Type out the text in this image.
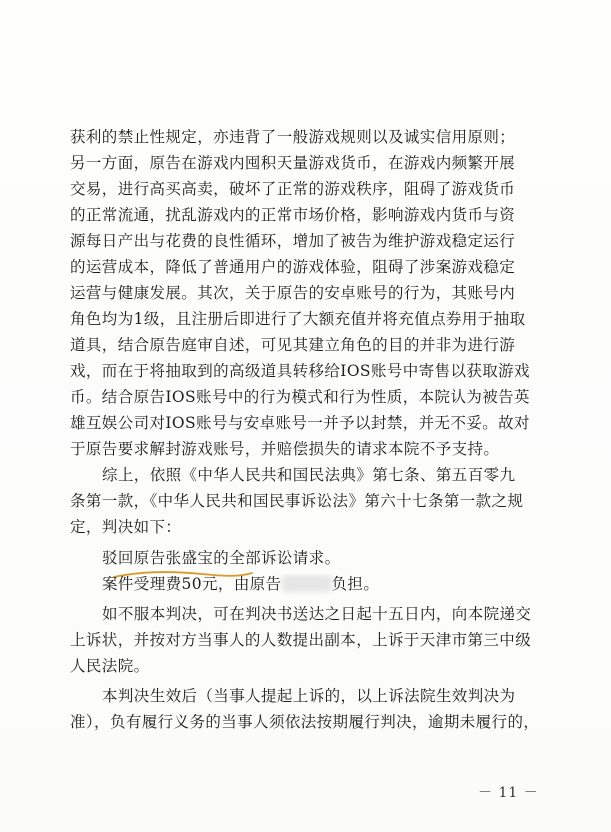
获利的禁止性规定，亦违背了一般游戏规则以及诚实信用原则；
另一方面，原告在游戏内囤积天量游戏货币，在游戏内频繁开展
交易，进行高买高卖，破坏了正常的游戏秩序，阻碍了游戏货币
的正常流通，扰乱游戏内的正常市场价格，影响游戏内货币与资
源每日产出与花费的良性循环，增加了被告为维护游戏稳定运行
的运营成本，降低了普通用户的游戏体验，阻碍了涉案游戏稳定
运营与健康发展。其次，关于原告的安卓账号的行为，其账号内
角色均为1级，且注册后即进行了大额充值并将充值点券用于抽取
道具，结合原告庭审自述，可见其建立角色的目的并非为进行游
戏，而在于将抽取到的高级道具转移给IOS账号中寄售以获取游戏
币。结合原告IOS账号中的行为模式和行为性质，本院认为被告英
雄互娱公司对IOS账号与安卓账号一并予以封禁，并无不妥。故对
于原告要求解封游戏账号，并赔偿损失的请求本院不予支持。
综上，依照《中华人民共和国民法典》第七条、第五百零九
条第一款，《中华人民共和国民事诉讼法》第六十七条第一款之规
定，判决如下：
驳回原告张盛宝的全部诉讼请求。
案件受理费50元，由原告	负担。
如不服本判决，可在判决书送达之日起十五日内，向本院递交
上诉状，并按对方当事人的人数提出副本，上诉于天津市第三中级
人民法院。
本判决生效后（当事人提起上诉的，以上诉法院生效判决为
准），负有履行义务的当事人须依法按期履行判决，逾期未履行的，
－ 11 －
